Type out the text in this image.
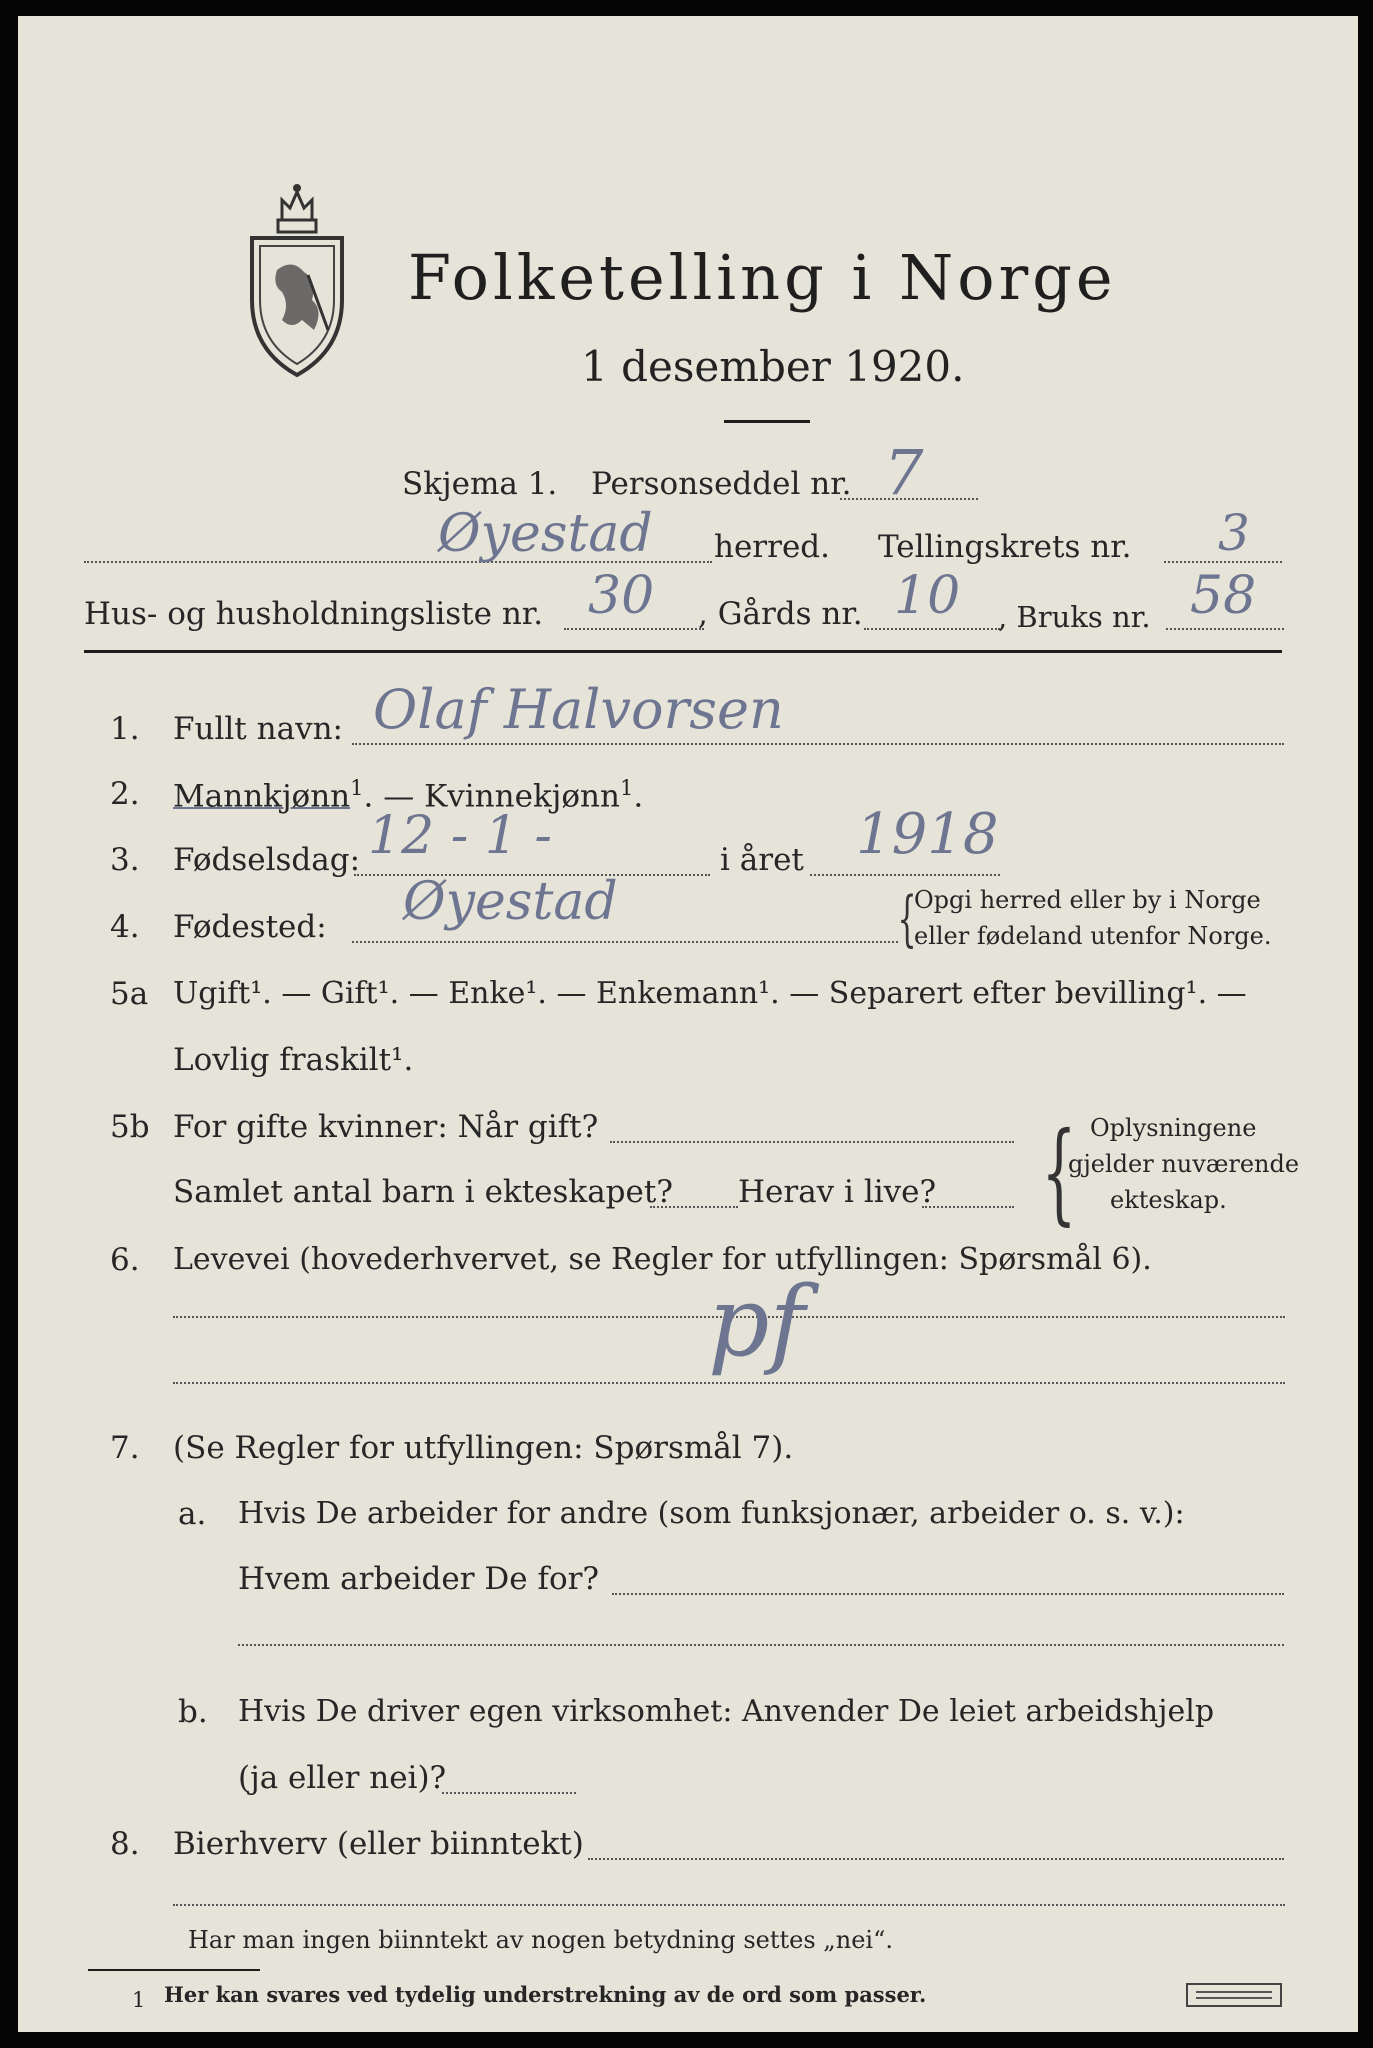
Folketelling i Norge
1 desember 1920.
Skjema 1. Personseddel nr. 7
Øyestad herred. Tellingskrets nr. 3
Hus- og husholdningsliste nr. 30 , Gårds nr. 10 , Bruks nr. 58
1. Fullt navn: Olaf Halvorsen
2. Mannkjønn$^1$. — Kvinnekjønn$^1$.
3. Fødselsdag: 12 - 1 -	i året 1918
4. Fødested: Øyestad	{
Opgi herred eller by i Norge
eller fødeland utenfor Norge.
5a Ugift¹. — Gift¹. — Enke¹. — Enkemann¹. — Separert efter bevilling¹. —
Lovlig fraskilt¹.
5b For gifte kvinner: Når gift?
Samlet antal barn i ekteskapet? Herav i live? { Oplysningene
gjelder nuværende
ekteskap.
6. Levevei (hovederhvervet, se Regler for utfyllingen: Spørsmål 6).
pf
7. (Se Regler for utfyllingen: Spørsmål 7).
a. Hvis De arbeider for andre (som funksjonær, arbeider o. s. v.):
Hvem arbeider De for?
b. Hvis De driver egen virksomhet: Anvender De leiet arbeidshjelp
(ja eller nei)?
8. Bierhverv (eller biinntekt)
Har man ingen biinntekt av nogen betydning settes „nei“.
1 Her kan svares ved tydelig understrekning av de ord som passer.
